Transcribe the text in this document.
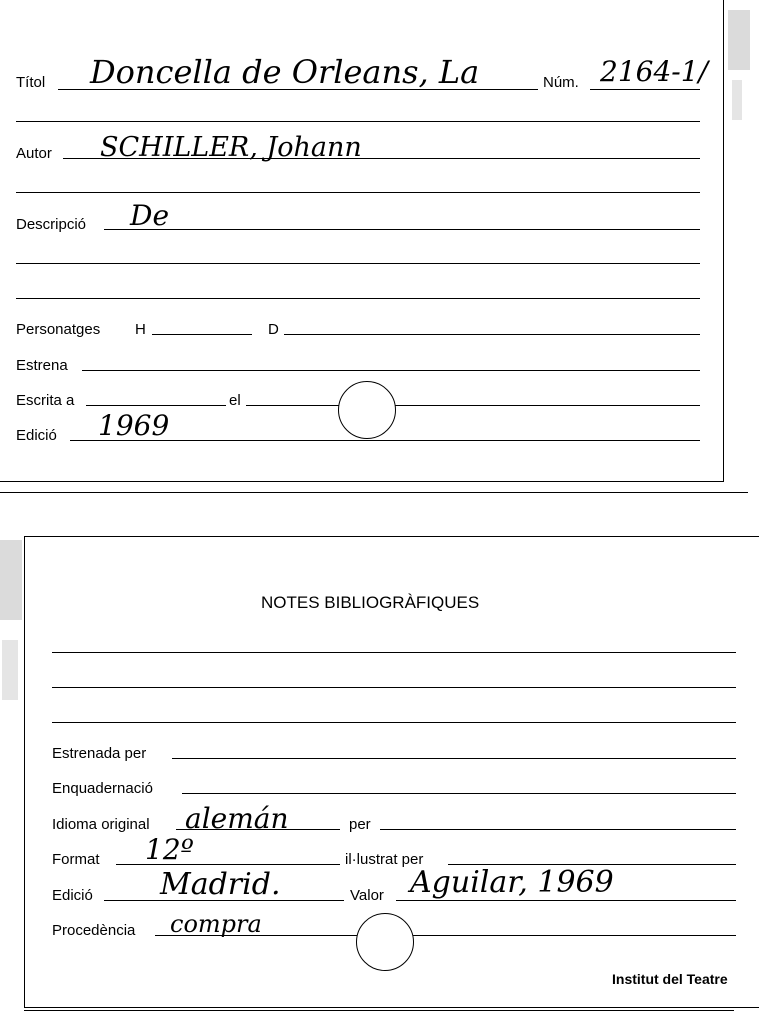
Títol Doncella de Orleans, La	Núm. 2164-1/
Autor SCHILLER, Johann
Descripció De
Personatges H	D
Estrena
Escrita a	el
Edició 1969
NOTES BIBLIOGRÀFIQUES
Estrenada per
Enquadernació
Idioma original alemán	per
Format 12º	il·lustrat per
Edició Madrid.	Valor Aguilar, 1969
Procedència compra
Institut del Teatre
